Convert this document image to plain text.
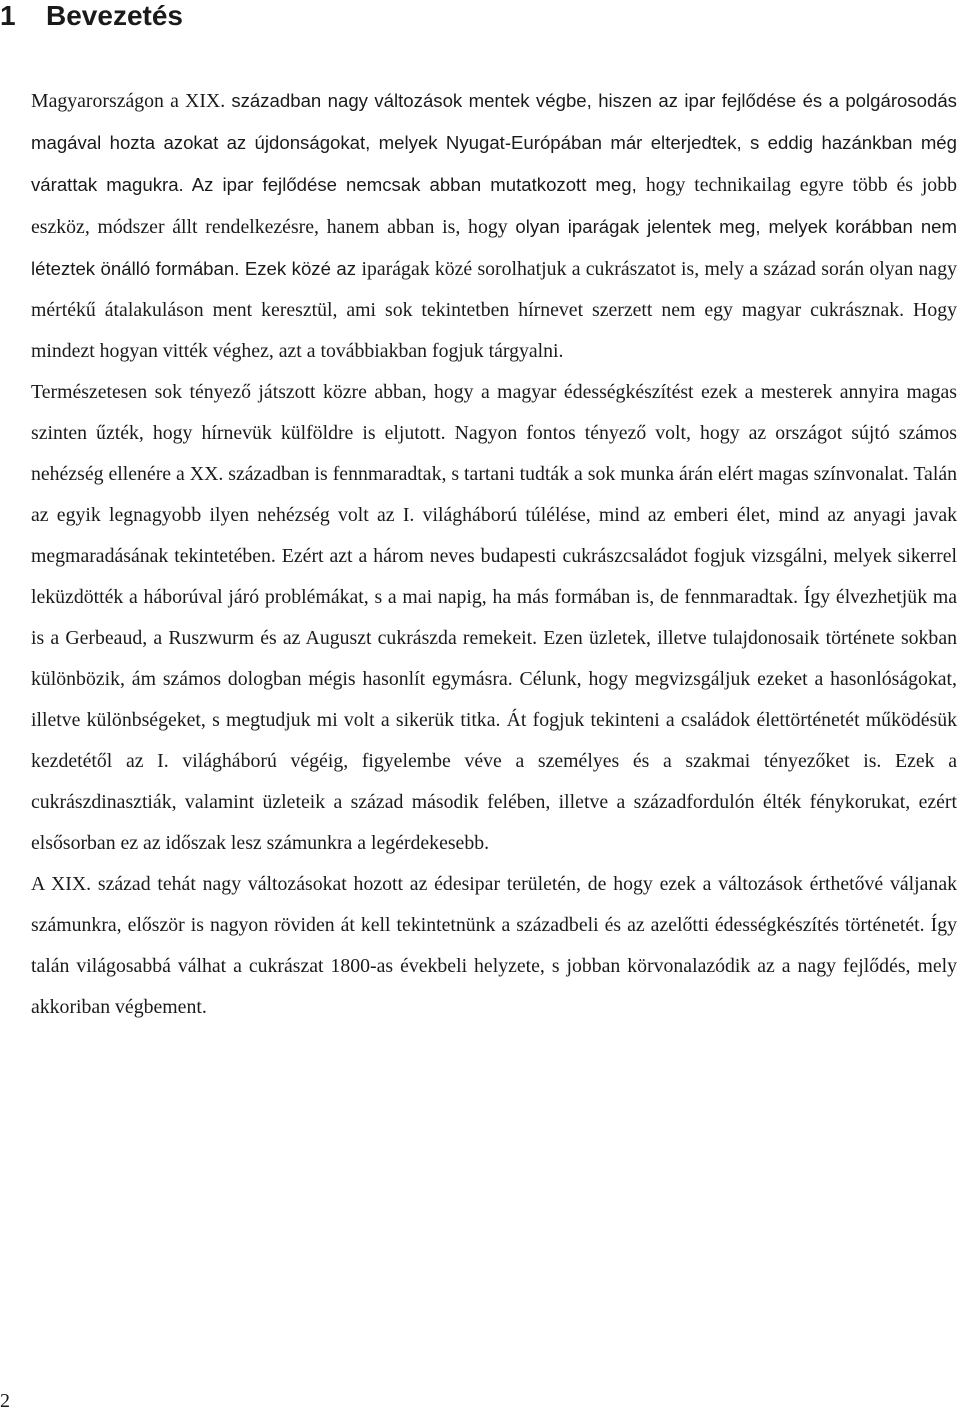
1 Bevezetés

Magyarországon a XIX. században nagy változások mentek végbe, hiszen az ipar fejlődése és a polgárosodás magával hozta azokat az újdonságokat, melyek Nyugat-Európában már elterjedtek, s eddig hazánkban még várattak magukra. Az ipar fejlődése nemcsak abban mutatkozott meg, hogy technikailag egyre több és jobb eszköz, módszer állt rendelkezésre, hanem abban is, hogy olyan iparágak jelentek meg, melyek korábban nem léteztek önálló formában. Ezek közé az iparágak közé sorolhatjuk a cukrászatot is, mely a század során olyan nagy mértékű átalakuláson ment keresztül, ami sok tekintetben hírnevet szerzett nem egy magyar cukrásznak. Hogy mindezt hogyan vitték véghez, azt a továbbiakban fogjuk tárgyalni.

Természetesen sok tényező játszott közre abban, hogy a magyar édességkészítést ezek a mesterek annyira magas szinten űzték, hogy hírnevük külföldre is eljutott. Nagyon fontos tényező volt, hogy az országot sújtó számos nehézség ellenére a XX. században is fennmaradtak, s tartani tudták a sok munka árán elért magas színvonalat. Talán az egyik legnagyobb ilyen nehézség volt az I. világháború túlélése, mind az emberi élet, mind az anyagi javak megmaradásának tekintetében. Ezért azt a három neves budapesti cukrászcsaládot fogjuk vizsgálni, melyek sikerrel leküzdötték a háborúval járó problémákat, s a mai napig, ha más formában is, de fennmaradtak. Így élvezhetjük ma is a Gerbeaud, a Ruszwurm és az Auguszt cukrászda remekeit. Ezen üzletek, illetve tulajdonosaik története sokban különbözik, ám számos dologban mégis hasonlít egymásra. Célunk, hogy megvizsgáljuk ezeket a hasonlóságokat, illetve különbségeket, s megtudjuk mi volt a sikerük titka. Át fogjuk tekinteni a családok élettörténetét működésük kezdetétől az I. világháború végéig, figyelembe véve a személyes és a szakmai tényezőket is. Ezek a cukrászdinasztiák, valamint üzleteik a század második felében, illetve a századfordulón élték fénykorukat, ezért elsősorban ez az időszak lesz számunkra a legérdekesebb.

A XIX. század tehát nagy változásokat hozott az édesipar területén, de hogy ezek a változások érthetővé váljanak számunkra, először is nagyon röviden át kell tekintetnünk a századbeli és az azelőtti édességkészítés történetét. Így talán világosabbá válhat a cukrászat 1800-as évekbeli helyzete, s jobban körvonalazódik az a nagy fejlődés, mely akkoriban végbement.

2
